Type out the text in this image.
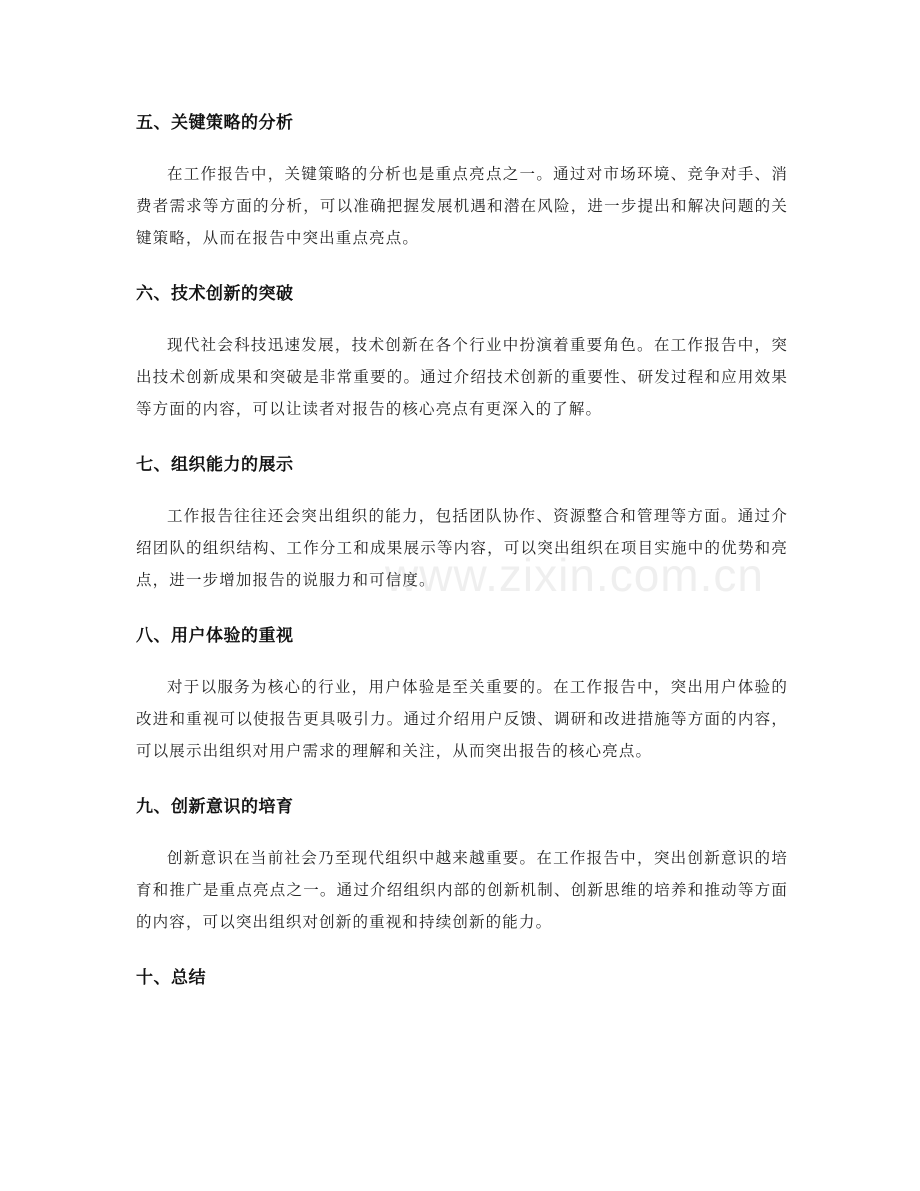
www.zixin.com.cn
五、关键策略的分析

在工作报告中，关键策略的分析也是重点亮点之一。通过对市场环境、竞争对手、消费者需求等方面的分析，可以准确把握发展机遇和潜在风险，进一步提出和解决问题的关键策略，从而在报告中突出重点亮点。

六、技术创新的突破

现代社会科技迅速发展，技术创新在各个行业中扮演着重要角色。在工作报告中，突出技术创新成果和突破是非常重要的。通过介绍技术创新的重要性、研发过程和应用效果等方面的内容，可以让读者对报告的核心亮点有更深入的了解。

七、组织能力的展示

工作报告往往还会突出组织的能力，包括团队协作、资源整合和管理等方面。通过介绍团队的组织结构、工作分工和成果展示等内容，可以突出组织在项目实施中的优势和亮点，进一步增加报告的说服力和可信度。

八、用户体验的重视

对于以服务为核心的行业，用户体验是至关重要的。在工作报告中，突出用户体验的改进和重视可以使报告更具吸引力。通过介绍用户反馈、调研和改进措施等方面的内容，可以展示出组织对用户需求的理解和关注，从而突出报告的核心亮点。

九、创新意识的培育

创新意识在当前社会乃至现代组织中越来越重要。在工作报告中，突出创新意识的培育和推广是重点亮点之一。通过介绍组织内部的创新机制、创新思维的培养和推动等方面的内容，可以突出组织对创新的重视和持续创新的能力。

十、总结
